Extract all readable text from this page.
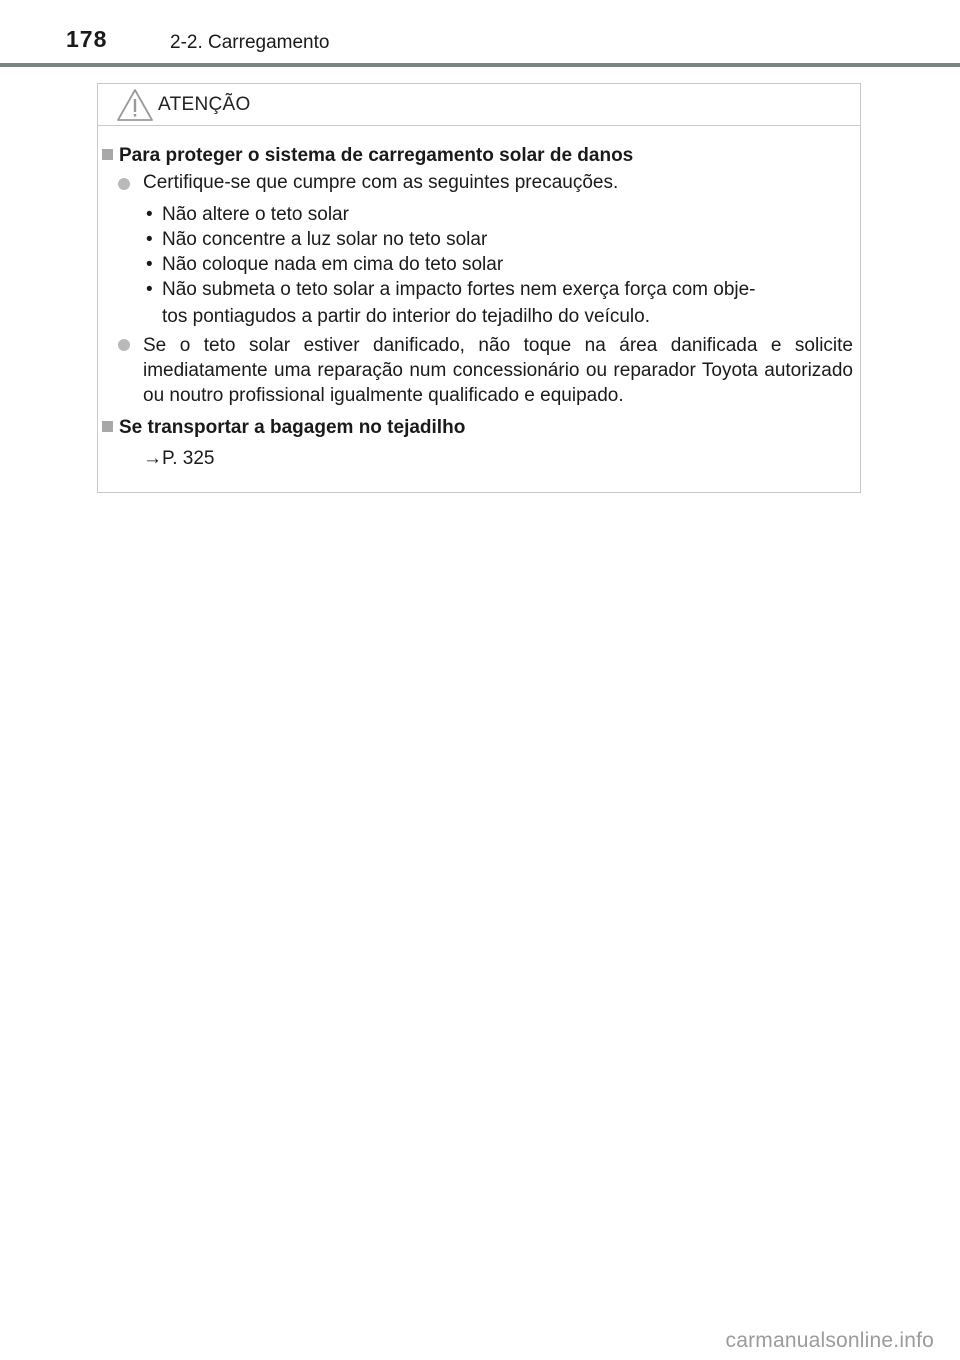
178	2-2. Carregamento
ATENÇÃO
Para proteger o sistema de carregamento solar de danos
Certifique-se que cumpre com as seguintes precauções.
• Não altere o teto solar
• Não concentre a luz solar no teto solar
• Não coloque nada em cima do teto solar
• Não submeta o teto solar a impacto fortes nem exerça força com obje-
tos pontiagudos a partir do interior do tejadilho do veículo.
Se o teto solar estiver danificado, não toque na área danificada e solicite imediatamente uma reparação num concessionário ou reparador Toyota autorizado ou noutro profissional igualmente qualificado e equipado.
Se transportar a bagagem no tejadilho
→P. 325
carmanualsonline.info
